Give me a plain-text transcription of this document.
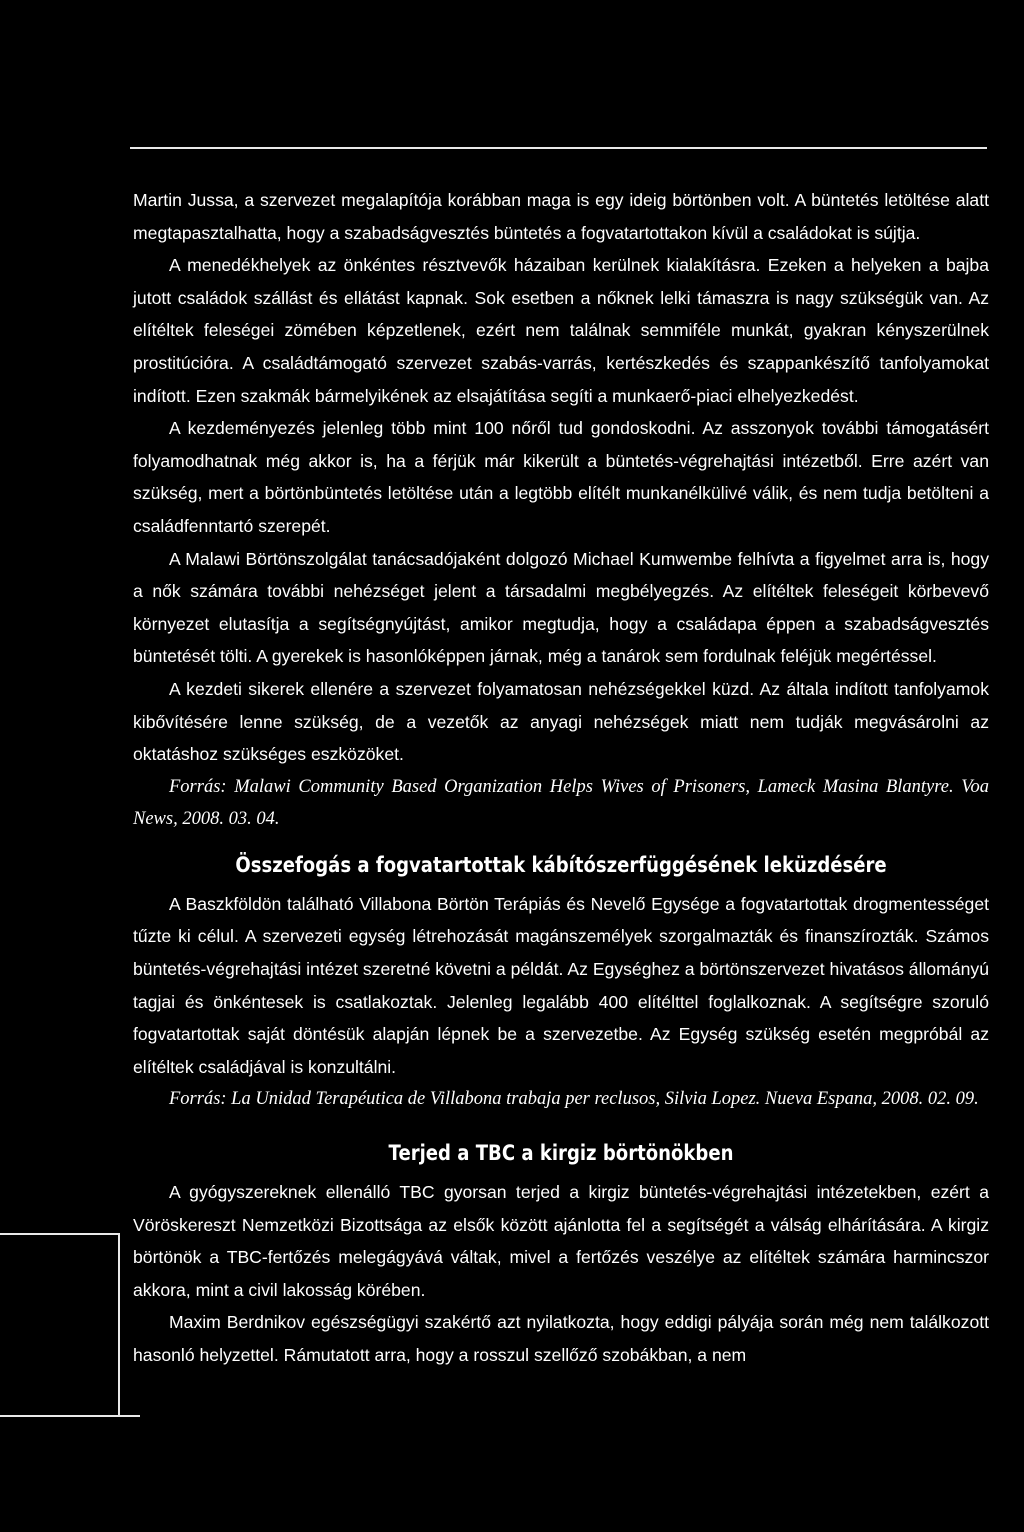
Martin Jussa, a szervezet megalapítója korábban maga is egy ideig börtönben volt. A büntetés letöltése alatt megtapasztalhatta, hogy a szabadságvesztés büntetés a fogvatartottakon kívül a családokat is sújtja.

A menedékhelyek az önkéntes résztvevők házaiban kerülnek kialakításra. Ezeken a helyeken a bajba jutott családok szállást és ellátást kapnak. Sok esetben a nőknek lelki támaszra is nagy szükségük van. Az elítéltek feleségei zömében képzetlenek, ezért nem találnak semmiféle munkát, gyakran kényszerülnek prostitúcióra. A családtámogató szervezet szabás-varrás, kertészkedés és szappankészítő tanfolyamokat indított. Ezen szakmák bármelyikének az elsajátítása segíti a munkaerő-piaci elhelyezkedést.

A kezdeményezés jelenleg több mint 100 nőről tud gondoskodni. Az asszonyok további támogatásért folyamodhatnak még akkor is, ha a férjük már kikerült a büntetés-végrehajtási intézetből. Erre azért van szükség, mert a börtönbüntetés letöltése után a legtöbb elítélt munkanélkülivé válik, és nem tudja betölteni a családfenntartó szerepét.

A Malawi Börtönszolgálat tanácsadójaként dolgozó Michael Kumwembe felhívta a figyelmet arra is, hogy a nők számára további nehézséget jelent a társadalmi megbélyegzés. Az elítéltek feleségeit körbevevő környezet elutasítja a segítségnyújtást, amikor megtudja, hogy a családapa éppen a szabadságvesztés büntetését tölti. A gyerekek is hasonlóképpen járnak, még a tanárok sem fordulnak feléjük megértéssel.

A kezdeti sikerek ellenére a szervezet folyamatosan nehézségekkel küzd. Az általa indított tanfolyamok kibővítésére lenne szükség, de a vezetők az anyagi nehézségek miatt nem tudják megvásárolni az oktatáshoz szükséges eszközöket.

Forrás: Malawi Community Based Organization Helps Wives of Prisoners, Lameck Masina Blantyre. Voa News, 2008. 03. 04.

Összefogás a fogvatartottak kábítószerfüggésének leküzdésére

A Baszkföldön található Villabona Börtön Terápiás és Nevelő Egysége a fogvatartottak drogmentességet tűzte ki célul. A szervezeti egység létrehozását magánszemélyek szorgalmazták és finanszírozták. Számos büntetés-végrehajtási intézet szeretné követni a példát. Az Egységhez a börtönszervezet hivatásos állományú tagjai és önkéntesek is csatlakoztak. Jelenleg legalább 400 elítélttel foglalkoznak. A segítségre szoruló fogvatartottak saját döntésük alapján lépnek be a szervezetbe. Az Egység szükség esetén megpróbál az elítéltek családjával is konzultálni.

Forrás: La Unidad Terapéutica de Villabona trabaja per reclusos, Silvia Lopez. Nueva Espana, 2008. 02. 09.

Terjed a TBC a kirgiz börtönökben

A gyógyszereknek ellenálló TBC gyorsan terjed a kirgiz büntetés-végrehajtási intézetekben, ezért a Vöröskereszt Nemzetközi Bizottsága az elsők között ajánlotta fel a segítségét a válság elhárítására. A kirgiz börtönök a TBC-fertőzés melegágyává váltak, mivel a fertőzés veszélye az elítéltek számára harmincszor akkora, mint a civil lakosság körében.

Maxim Berdnikov egészségügyi szakértő azt nyilatkozta, hogy eddigi pályája során még nem találkozott hasonló helyzettel. Rámutatott arra, hogy a rosszul szellőző szobákban, a nem
